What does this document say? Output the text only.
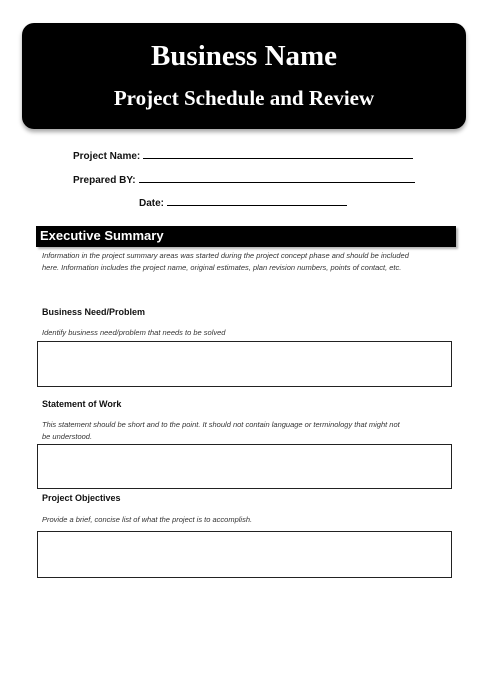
Business Name
Project Schedule and Review
Project Name:
Prepared BY:
Date:
Executive Summary
Information in the project summary areas was started during the project concept phase and should be included
here. Information includes the project name, original estimates, plan revision numbers, points of contact, etc.
Business Need/Problem
Identify business need/problem that needs to be solved
Statement of Work
This statement should be short and to the point. It should not contain language or terminology that might not
be understood.
Project Objectives
Provide a brief, concise list of what the project is to accomplish.
